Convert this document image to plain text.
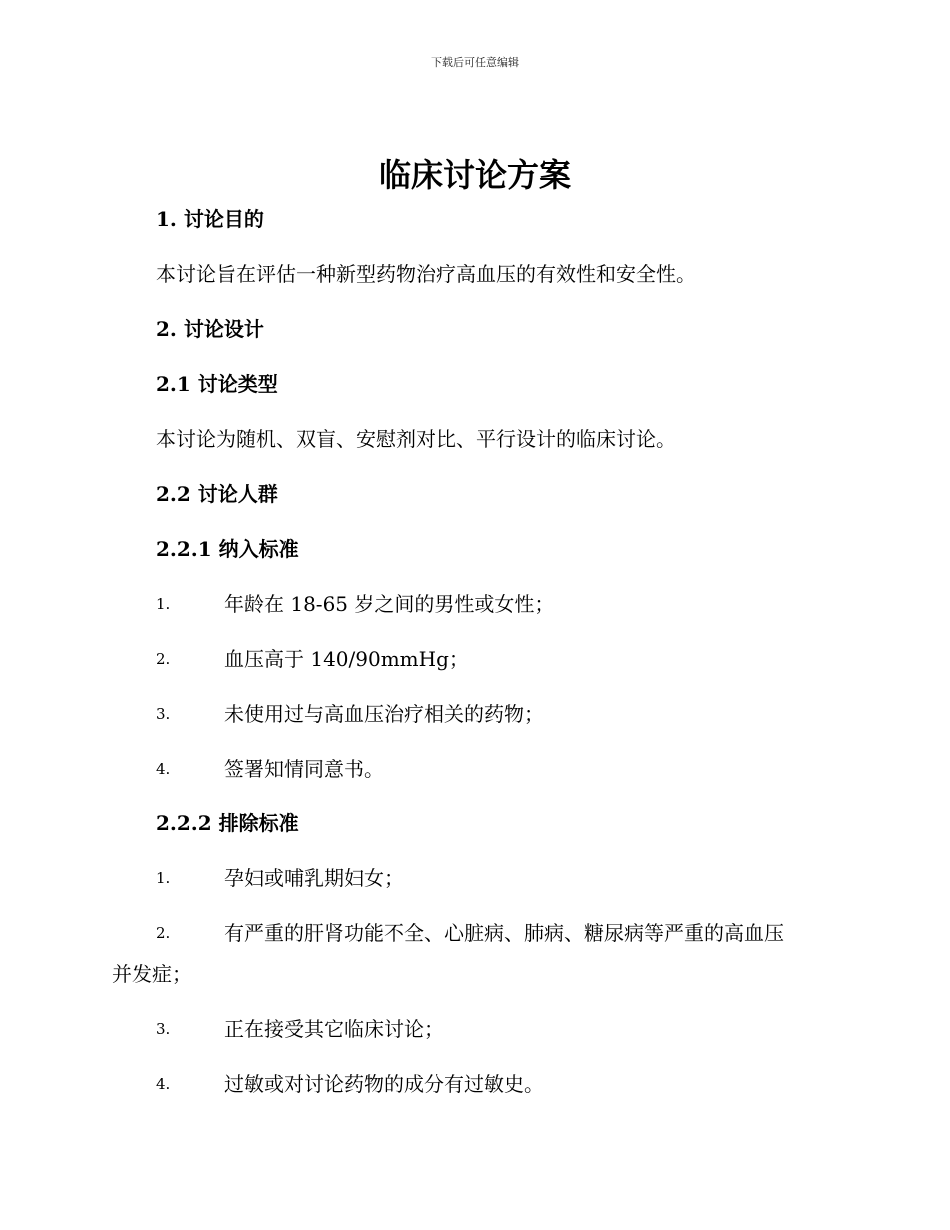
下载后可任意编辑
临床讨论方案
1. 讨论目的
本讨论旨在评估一种新型药物治疗高血压的有效性和安全性。
2. 讨论设计
2.1 讨论类型
本讨论为随机、双盲、安慰剂对比、平行设计的临床讨论。
2.2 讨论人群
2.2.1 纳入标准
1.	年龄在 18-65 岁之间的男性或女性；
2.	血压高于 140/90mmHg；
3.	未使用过与高血压治疗相关的药物；
4.	签署知情同意书。
2.2.2 排除标准
1.	孕妇或哺乳期妇女；
2.	有严重的肝肾功能不全、心脏病、肺病、糖尿病等严重的高血压
并发症；
3.	正在接受其它临床讨论；
4.	过敏或对讨论药物的成分有过敏史。
